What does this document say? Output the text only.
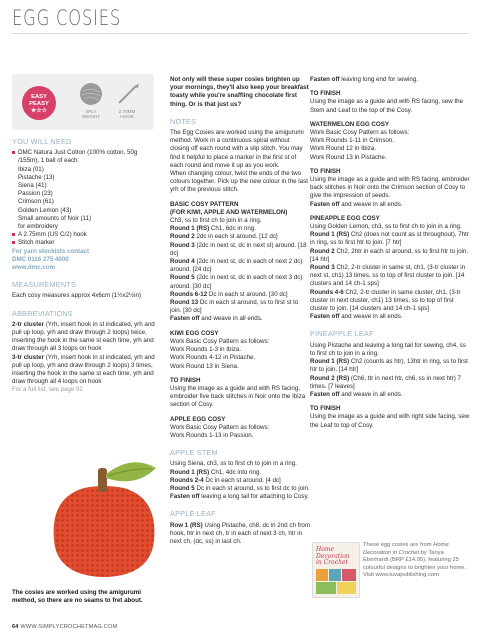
EGG COSIES
EASY
PEASY
★☆☆	4PLY
WEIGHT
2.75MM
HOOK
YOU WILL NEED
DMC Natura Just Cotton (100% cotton, 50g /155m), 1 ball of each:
Ibiza (01)
Pistache (13)
Siena (41)
Passion (23)
Crimson (61)
Golden Lemon (43)
Small amounts of Noir (11)
for embroidery
A 2.75mm (US C/2) hook
Stitch marker
For yarn stockists contact
DMC 0116 275 4000
www.dmc.com
MEASUREMENTS
Each cosy measures approx 4x6cm (1½x2½in)
ABBREVIATIONS
2-tr cluster (Yrh, insert hook in st indicated, yrh and pull up loop, yrh and draw through 2 loops) twice, inserting the hook in the same st each time, yrh and draw through all 3 loops on hook
3-tr cluster (Yrh, insert hook in st indicated, yrh and pull up loop, yrh and draw through 2 loops) 3 times, inserting the hook in the same st each time, yrh and draw through all 4 loops on hook
For a full list, see page 92
The cosies are worked using the amigurumi method, so there are no seams to fret about.
Not only will these super cosies brighten up your mornings, they'll also keep your breakfast toasty while you're snaffling chocolate first thing. Or is that just us?
NOTES
The Egg Cosies are worked using the amigurumi method. Work in a continuous spiral without closing off each round with a slip stitch. You may find it helpful to place a marker in the first st of each round and move it up as you work.
When changing colour, twist the ends of the two colours together. Pick up the new colour in the last yrh of the previous stitch.
BASIC COSY PATTERN
(FOR KIWI, APPLE AND WATERMELON)
Ch3, ss to first ch to join in a ring.
Round 1 (RS) Ch1, 6dc in ring.
Round 2 2dc in each st around. [12 dc]
Round 3 (2dc in next st, dc in next st) around. [18 dc]
Round 4 (2dc in next st, dc in each of next 2 dc) around. [24 dc]
Round 5 (2dc in next st, dc in each of next 3 dc) around. [30 dc]
Rounds 6-12 Dc in each st around. [30 dc]
Round 13 Dc in each st around, ss to first st to join. [30 dc]
Fasten off and weave in all ends.
KIWI EGG COSY
Work Basic Cosy Pattern as follows:
Work Rounds 1-3 in Ibiza.
Work Rounds 4-12 in Pistache.
Work Round 13 in Siena.
TO FINISH
Using the image as a guide and with RS facing, embroider five back stitches in Noir onto the Ibiza section of Cosy.
APPLE EGG COSY
Work Basic Cosy Pattern as follows:
Work Rounds 1-13 in Passion.
APPLE STEM
Using Siena, ch3, ss to first ch to join in a ring.
Round 1 (RS) Ch1, 4dc into ring.
Rounds 2-4 Dc in each st around. [4 dc]
Round 5 Dc in each st around, ss to first dc to join.
Fasten off leaving a long tail for attaching to Cosy.
APPLE LEAF
Row 1 (RS) Using Pistache, ch8, dc in 2nd ch from hook, htr in next ch, tr in each of next 3 ch, htr in next ch, (dc, ss) in last ch.
Fasten off leaving long end for sewing.
TO FINISH
Using the image as a guide and with RS facing, sew the Stem and Leaf to the top of the Cosy.
WATERMELON EGG COSY
Work Basic Cosy Pattern as follows:
Work Rounds 1-11 in Crimson.
Work Round 12 in Ibiza.
Work Round 13 in Pistache.
TO FINISH
Using the image as a guide and with RS facing, embroider back stitches in Noir onto the Crimson section of Cosy to give the impression of seeds.
Fasten off and weave in all ends.
PINEAPPLE EGG COSY
Using Golden Lemon, ch3, ss to first ch to join in a ring.
Round 1 (RS) Ch2 (does not count as st throughout), 7htr in ring, ss to first htr to join. [7 htr]
Round 2 Ch2, 2htr in each st around, ss to first htr to join. [14 htr]
Round 3 Ch2, 2-tr cluster in same st, ch1, (3-tr cluster in next st, ch1) 13 times, ss to top of first cluster to join. [14 clusters and 14 ch-1 sps]
Rounds 4-6 Ch2, 2-tr cluster in same cluster, ch1, (3-tr cluster in next cluster, ch1) 13 times, ss to top of first cluster to join. [14 clusters and 14 ch-1 sps]
Fasten off and weave in all ends.
PINEAPPLE LEAF
Using Pistache and leaving a long tail for sewing, ch4, ss to first ch to join in a ring.
Round 1 (RS) Ch2 (counts as htr), 13htr in ring, ss to first htr to join. [14 htr]
Round 2 (RS) (Ch6, ttr in next htr, ch6, ss in next htr) 7 times. [7 leaves]
Fasten off and weave in all ends.
TO FINISH
Using the image as a guide and with right side facing, sew the Leaf to top of Cosy.
Home
Decoration
in Crochet
These egg cosies are from Home Decoration in Crochet by Tanya Eberhardt (BRP £14.95), featuring 25 colourful designs to brighten your home. Visit www.tuvapublishing.com
64 WWW.SIMPLYCROCHETMAG.COM
